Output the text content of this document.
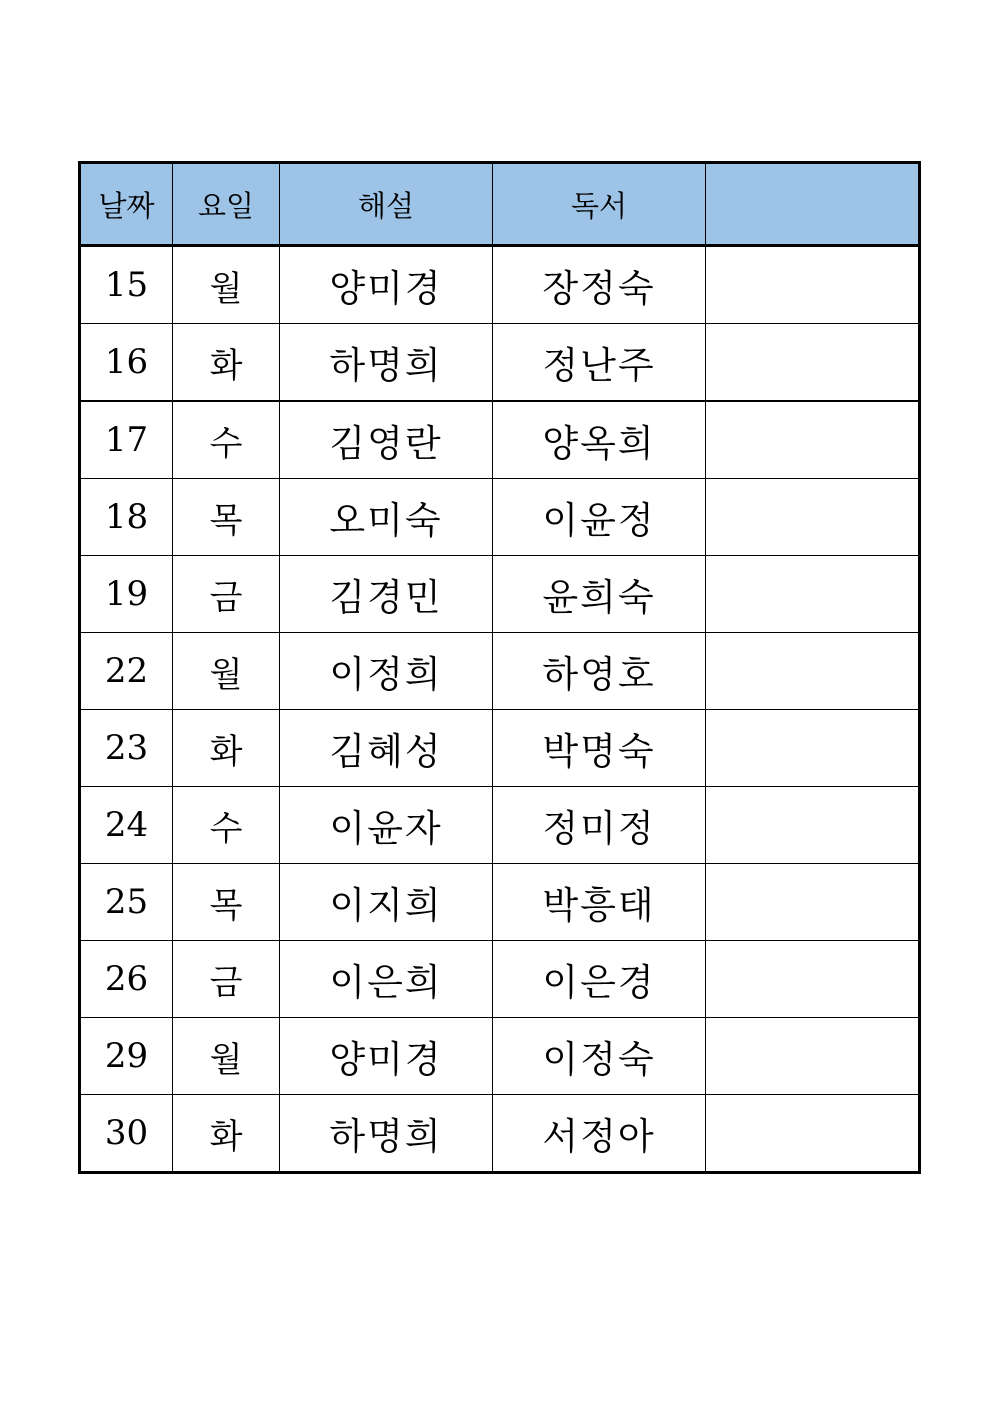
날짜	요일	해설	독서	
15	월	양미경	장정숙	
16	화	하명희	정난주	
17	수	김영란	양옥희	
18	목	오미숙	이윤정	
19	금	김경민	윤희숙	
22	월	이정희	하영호	
23	화	김혜성	박명숙	
24	수	이윤자	정미정	
25	목	이지희	박흥태	
26	금	이은희	이은경	
29	월	양미경	이정숙	
30	화	하명희	서정아	
